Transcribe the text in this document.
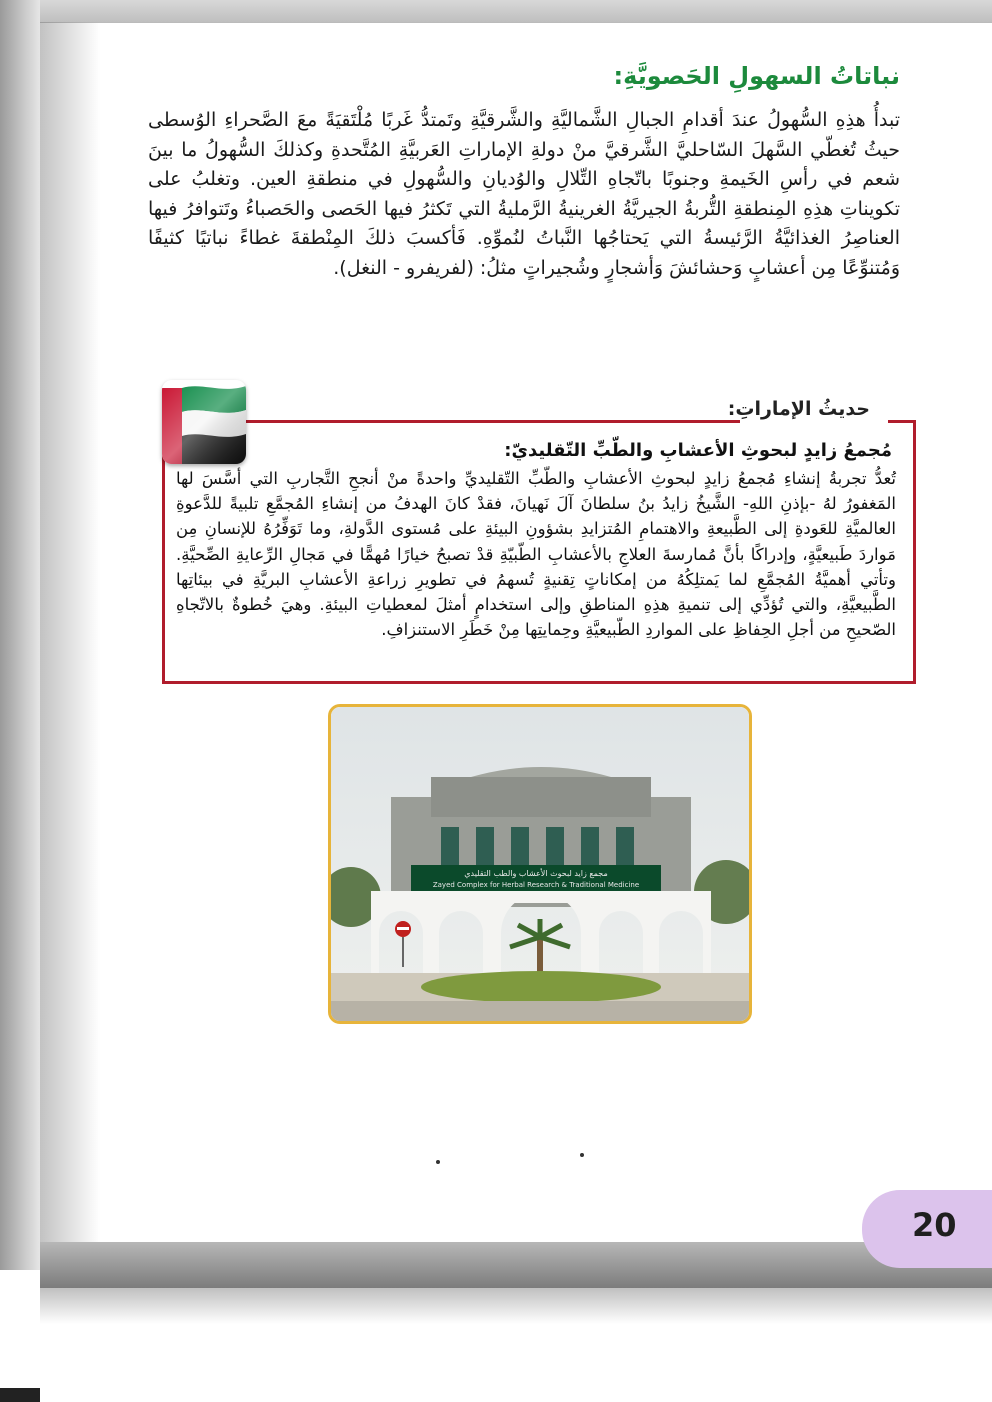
نباتاتُ السهولِ الحَصويَّةِ:

تبدأُ هذِهِ السُّهولُ عندَ أقدامِ الجبالِ الشَّماليَّةِ والشَّرقيَّةِ وتَمتدُّ غَربًا مُلْتَقيَةً معَ الصَّحراءِ الوُسطى حيثُ تُغطّي السَّهلَ السّاحليَّ الشَّرقيَّ منْ دولةِ الإماراتِ العَربيَّةِ المُتَّحدةِ وكذلكَ السُّهولُ ما بينَ شعم في رأسِ الخَيمةِ وجنوبًا باتّجاهِ التِّلالِ والوُديانِ والسُّهولِ في منطقةِ العين. وتغلبُ على تكويناتِ هذِهِ المِنطقةِ التُّربةُ الجيريَّةُ الغرينيةُ الرَّمليةُ التي تَكثرُ فيها الحَصى والحَصباءُ وتَتوافرُ فيها العناصِرُ الغذائيَّةُ الرَّئيسةُ التي يَحتاجُها النَّباتُ لنُموِّهِ. فَأكسبَ ذلكَ المِنْطقةَ غطاءً نباتيًا كثيفًا وَمُتنوِّعًا مِن أعشابٍ وَحشائشَ وَأشجارٍ وشُجيراتٍ مثلُ: (لفريفرو - النغل).

حديثُ الإماراتِ:
مُجمعُ زايدٍ لبحوثِ الأعشابِ والطّبِّ التّقليديّ:

تُعدُّ تجربةُ إنشاءِ مُجمعُ زايدٍ لبحوثِ الأعشابِ والطّبِّ التّقليديِّ واحدةً منْ أنجحِ التَّجاربِ التي أسَّسَ لها المَغفورُ لهُ -بإذنِ اللهِ- الشَّيخُ زايدُ بنُ سلطانَ آلَ نَهيانَ، فقدْ كانَ الهدفُ من إنشاءِ المُجمَّعِ تلبيةً للدَّعوةِ العالميَّةِ للعَودةِ إلى الطَّبيعةِ والاهتمامِ المُتزايدِ بشؤونِ البيئةِ على مُستوى الدَّولةِ، وما تَوَفِّرُهُ للإنسانِ مِن مَواردَ طَبيعيَّةٍ، وإدراكًا بأنَّ مُمارسةَ العلاجِ بالأعشابِ الطّبيّةِ قدْ تصبحُ خيارًا مُهمًّا في مَجالِ الرِّعايةِ الصِّحيَّةِ. وتأتي أهميَّةُ المُجمَّعِ لما يَمتلِكُهُ من إمكاناتٍ تِقنيةٍ تُسهمُ في تطويرِ زراعةِ الأعشابِ البريَّةِ في بيئاتِها الطَّبيعيَّةِ، والتي تُؤدِّي إلى تنميةِ هذِهِ المناطقِ وإلى استخدامٍ أمثلَ لمعطياتِ البيئةِ. وهيَ خُطوةٌ بالاتّجاهِ الصّحيحِ من أجلِ الحِفاظِ على المواردِ الطّبيعيَّةِ وحِمايتِها مِنْ خَطَرِ الاستنزافِ.

مجمع زايد لبحوث الأعشاب والطب التقليدي
Zayed Complex for Herbal Research & Traditional Medicine

20
